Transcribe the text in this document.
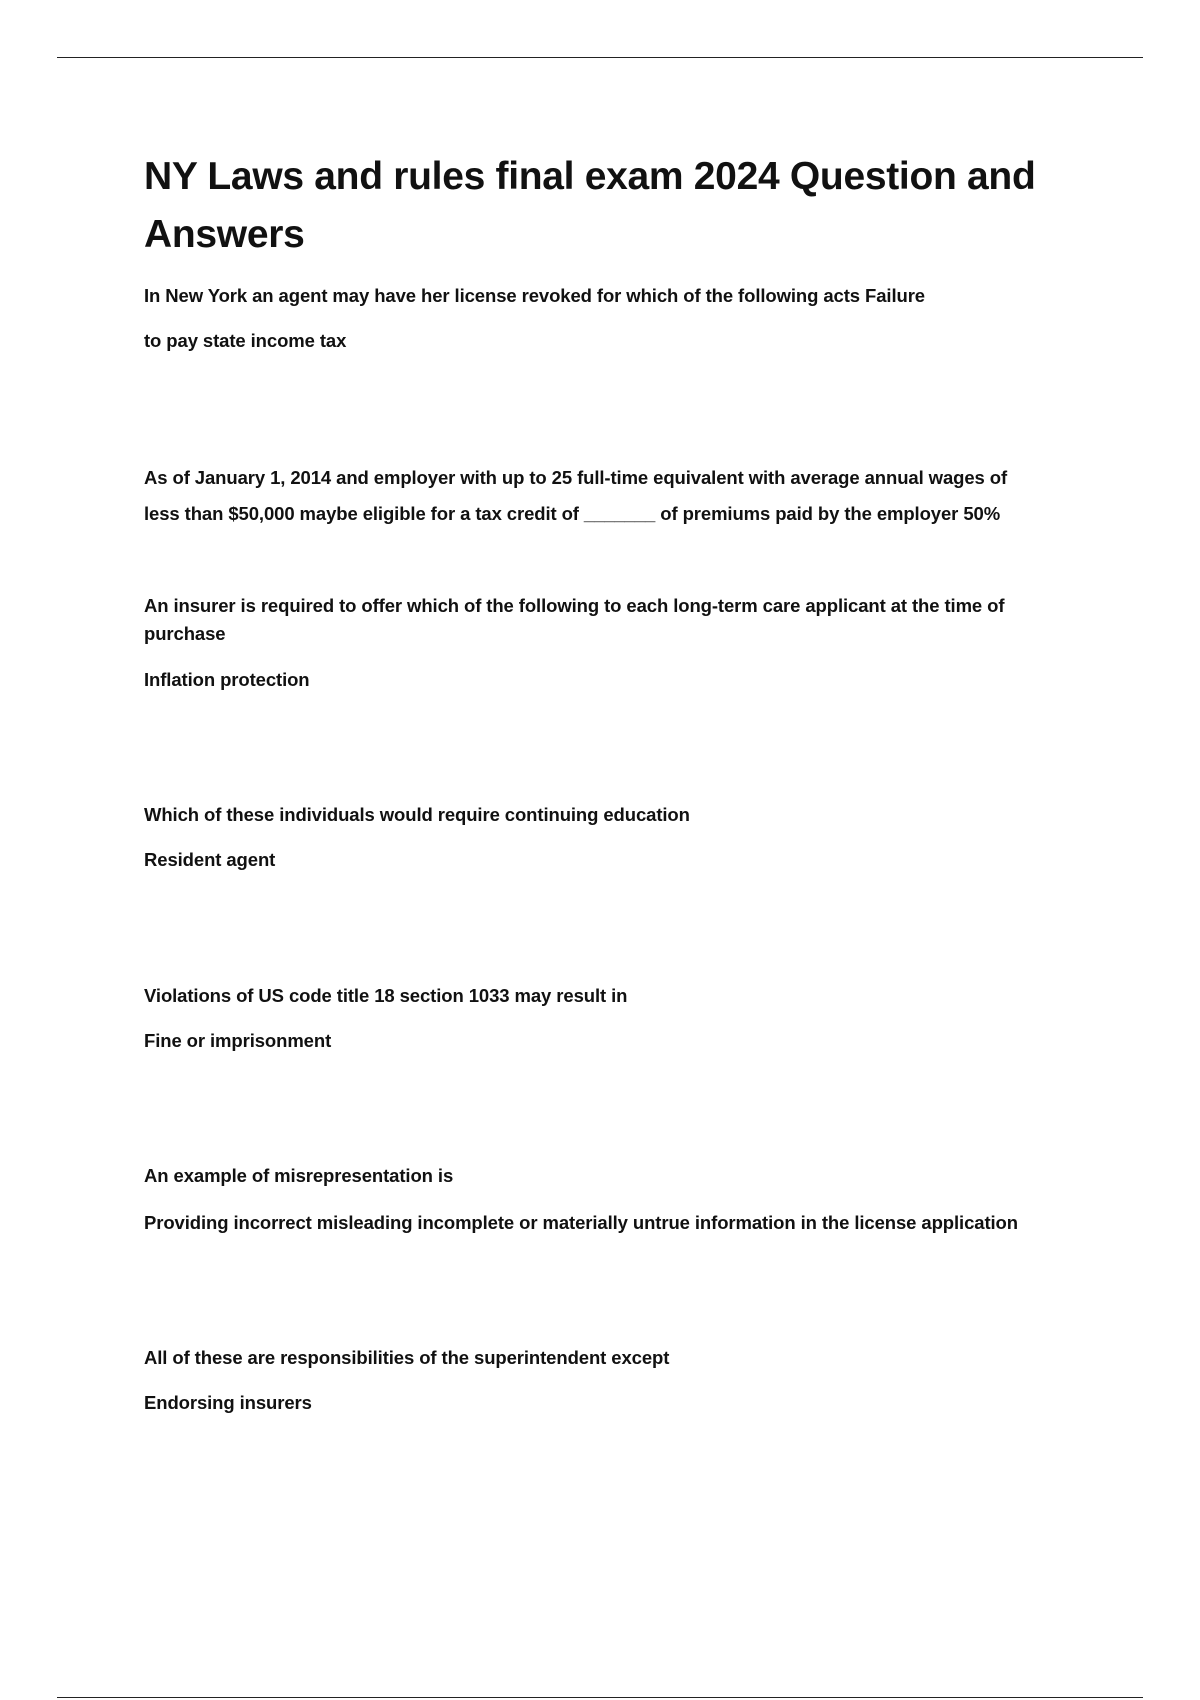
NY Laws and rules final exam 2024 Question and Answers

In New York an agent may have her license revoked for which of the following acts Failure

to pay state income tax

As of January 1, 2014 and employer with up to 25 full-time equivalent with average annual wages of

less than $50,000 maybe eligible for a tax credit of _______ of premiums paid by the employer 50%

An insurer is required to offer which of the following to each long-term care applicant at the time of

purchase

Inflation protection

Which of these individuals would require continuing education

Resident agent

Violations of US code title 18 section 1033 may result in

Fine or imprisonment

An example of misrepresentation is

Providing incorrect misleading incomplete or materially untrue information in the license application

All of these are responsibilities of the superintendent except

Endorsing insurers
